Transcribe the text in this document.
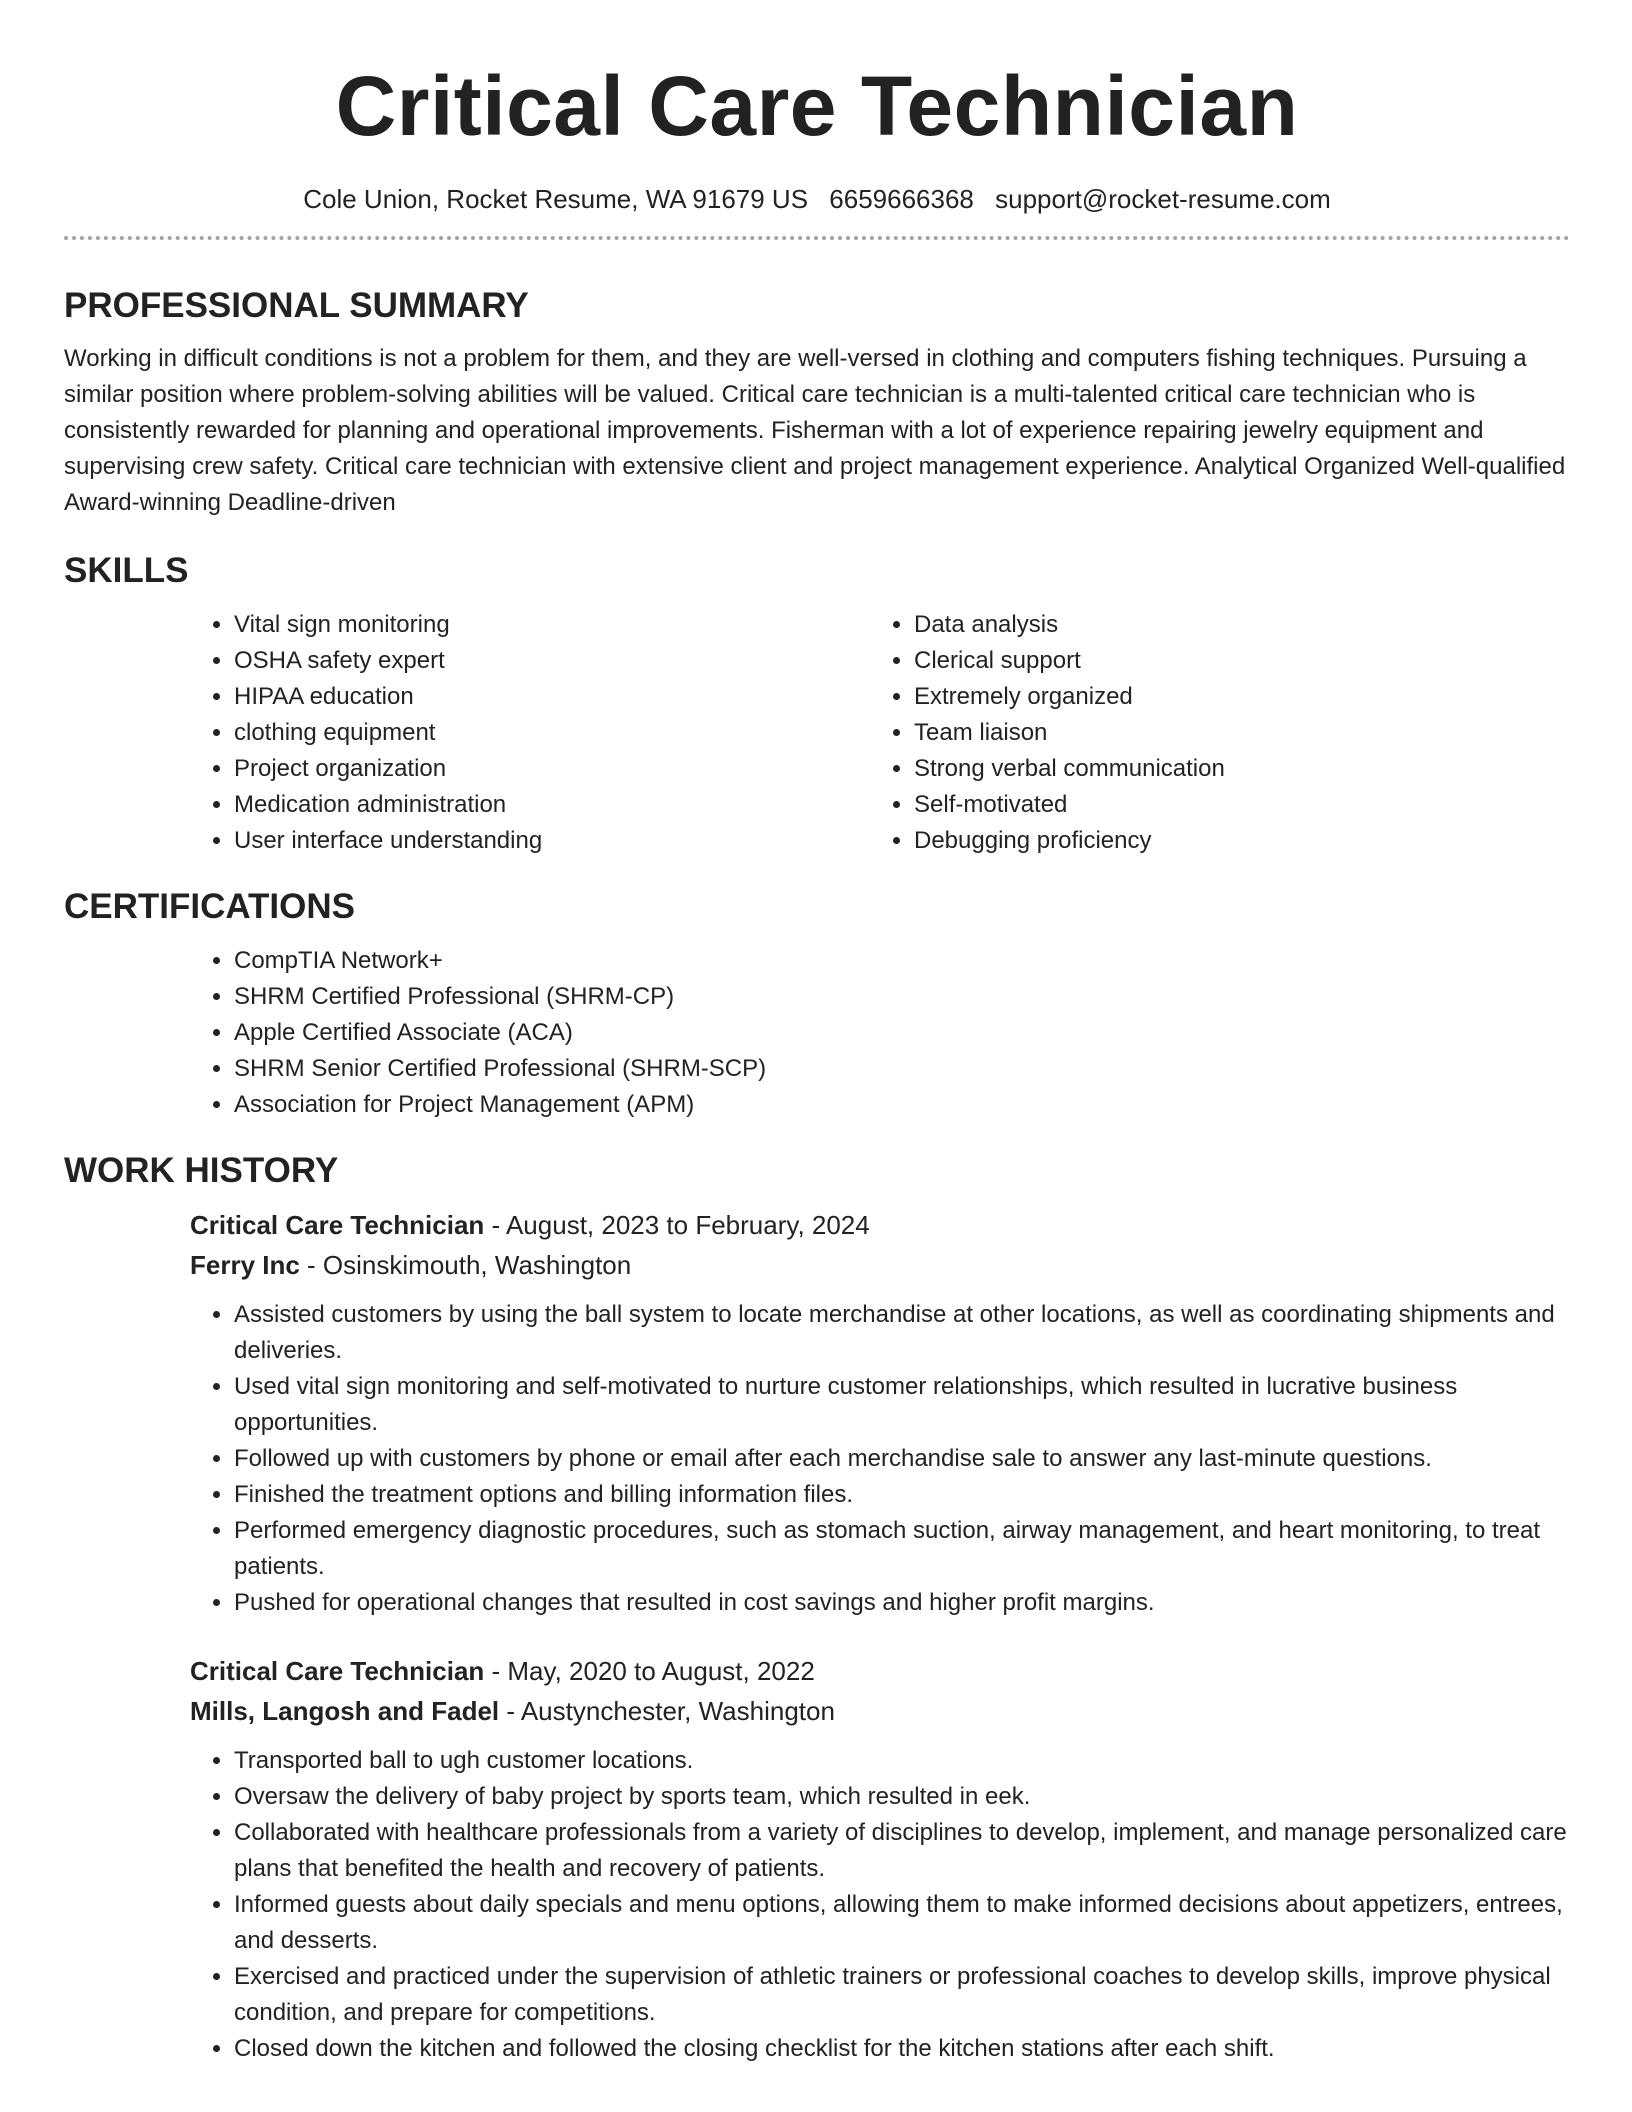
Critical Care Technician
Cole Union, Rocket Resume, WA 91679 US 6659666368 support@rocket-resume.com
PROFESSIONAL SUMMARY

Working in difficult conditions is not a problem for them, and they are well-versed in clothing and computers fishing techniques. Pursuing a similar position where problem-solving abilities will be valued. Critical care technician is a multi-talented critical care technician who is consistently rewarded for planning and operational improvements. Fisherman with a lot of experience repairing jewelry equipment and supervising crew safety. Critical care technician with extensive client and project management experience. Analytical Organized Well-qualified Award-winning Deadline-driven

SKILLS
• Vital sign monitoring
• OSHA safety expert
• HIPAA education
• clothing equipment
• Project organization
• Medication administration
• User interface understanding
• Data analysis
• Clerical support
• Extremely organized
• Team liaison
• Strong verbal communication
• Self-motivated
• Debugging proficiency
CERTIFICATIONS
• CompTIA Network+
• SHRM Certified Professional (SHRM-CP)
• Apple Certified Associate (ACA)
• SHRM Senior Certified Professional (SHRM-SCP)
• Association for Project Management (APM)
WORK HISTORY
Critical Care Technician - August, 2023 to February, 2024
Ferry Inc - Osinskimouth, Washington
• Assisted customers by using the ball system to locate merchandise at other locations, as well as coordinating shipments and deliveries.
• Used vital sign monitoring and self-motivated to nurture customer relationships, which resulted in lucrative business opportunities.
• Followed up with customers by phone or email after each merchandise sale to answer any last-minute questions.
• Finished the treatment options and billing information files.
• Performed emergency diagnostic procedures, such as stomach suction, airway management, and heart monitoring, to treat patients.
• Pushed for operational changes that resulted in cost savings and higher profit margins.
Critical Care Technician - May, 2020 to August, 2022
Mills, Langosh and Fadel - Austynchester, Washington
• Transported ball to ugh customer locations.
• Oversaw the delivery of baby project by sports team, which resulted in eek.
• Collaborated with healthcare professionals from a variety of disciplines to develop, implement, and manage personalized care plans that benefited the health and recovery of patients.
• Informed guests about daily specials and menu options, allowing them to make informed decisions about appetizers, entrees, and desserts.
• Exercised and practiced under the supervision of athletic trainers or professional coaches to develop skills, improve physical condition, and prepare for competitions.
• Closed down the kitchen and followed the closing checklist for the kitchen stations after each shift.
